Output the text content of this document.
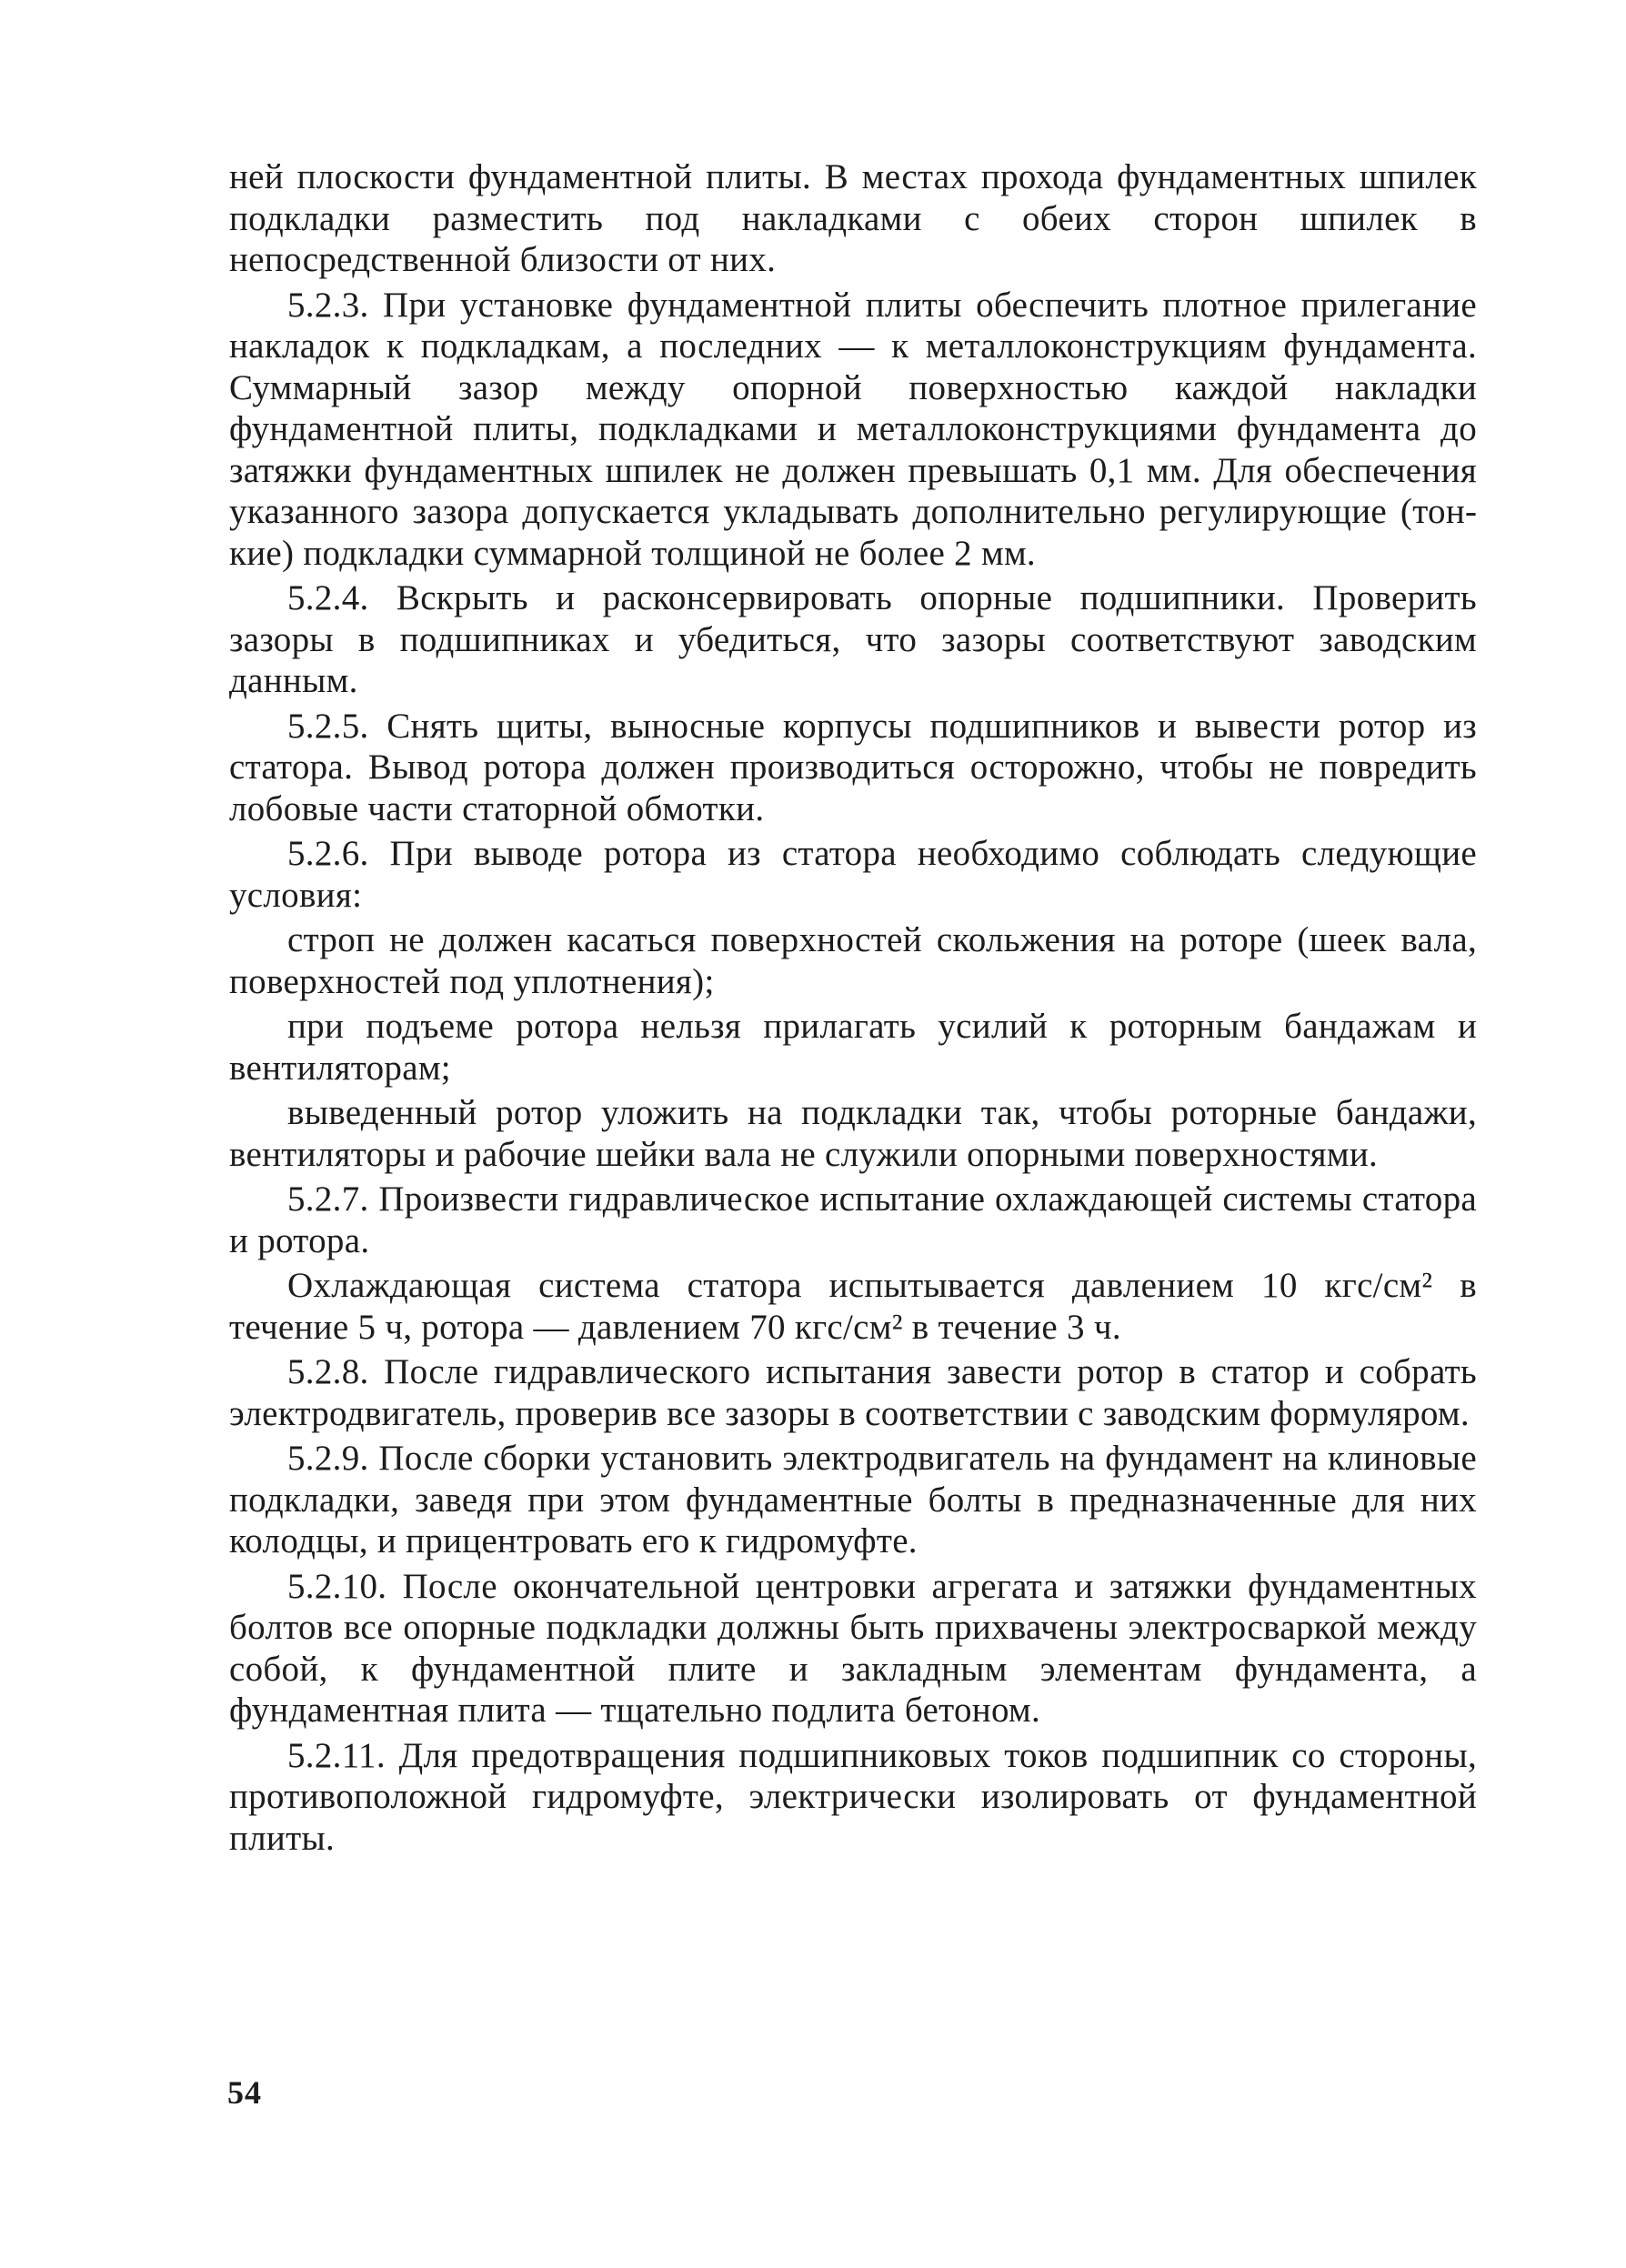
ней плоскости фундаментной плиты. В местах прохода фундаментных шпилек подкладки разместить под накладками с обеих сторон шпилек в непосредственной близости от них.

5.2.3. При установке фундаментной плиты обеспечить плотное прилегание накладок к подкладкам, а последних — к металлоконструкциям фундамента. Суммарный зазор между опорной поверхностью каждой накладки фундаментной плиты, подкладками и металлоконструкциями фундамента до затяжки фундаментных шпилек не должен превышать 0,1 мм. Для обеспечения указанного зазора допускается укладывать дополнительно регулирующие (тонкие) подкладки суммарной толщиной не более 2 мм.

5.2.4. Вскрыть и расконсервировать опорные подшипники. Проверить зазоры в подшипниках и убедиться, что зазоры соответствуют заводским данным.

5.2.5. Снять щиты, выносные корпусы подшипников и вывести ротор из статора. Вывод ротора должен производиться осторожно, чтобы не повредить лобовые части статорной обмотки.

5.2.6. При выводе ротора из статора необходимо соблюдать следующие условия:

строп не должен касаться поверхностей скольжения на роторе (шеек вала, поверхностей под уплотнения);

при подъеме ротора нельзя прилагать усилий к роторным бандажам и вентиляторам;

выведенный ротор уложить на подкладки так, чтобы роторные бандажи, вентиляторы и рабочие шейки вала не служили опорными поверхностями.

5.2.7. Произвести гидравлическое испытание охлаждающей системы статора и ротора.

Охлаждающая система статора испытывается давлением 10 кгс/см² в течение 5 ч, ротора — давлением 70 кгс/см² в течение 3 ч.

5.2.8. После гидравлического испытания завести ротор в статор и собрать электродвигатель, проверив все зазоры в соответствии с заводским формуляром.

5.2.9. После сборки установить электродвигатель на фундамент на клиновые подкладки, заведя при этом фундаментные болты в предназначенные для них колодцы, и прицентровать его к гидромуфте.

5.2.10. После окончательной центровки агрегата и затяжки фундаментных болтов все опорные подкладки должны быть прихвачены электросваркой между собой, к фундаментной плите и закладным элементам фундамента, а фундаментная плита — тщательно подлита бетоном.

5.2.11. Для предотвращения подшипниковых токов подшипник со стороны, противоположной гидромуфте, электрически изолировать от фундаментной плиты.

54
